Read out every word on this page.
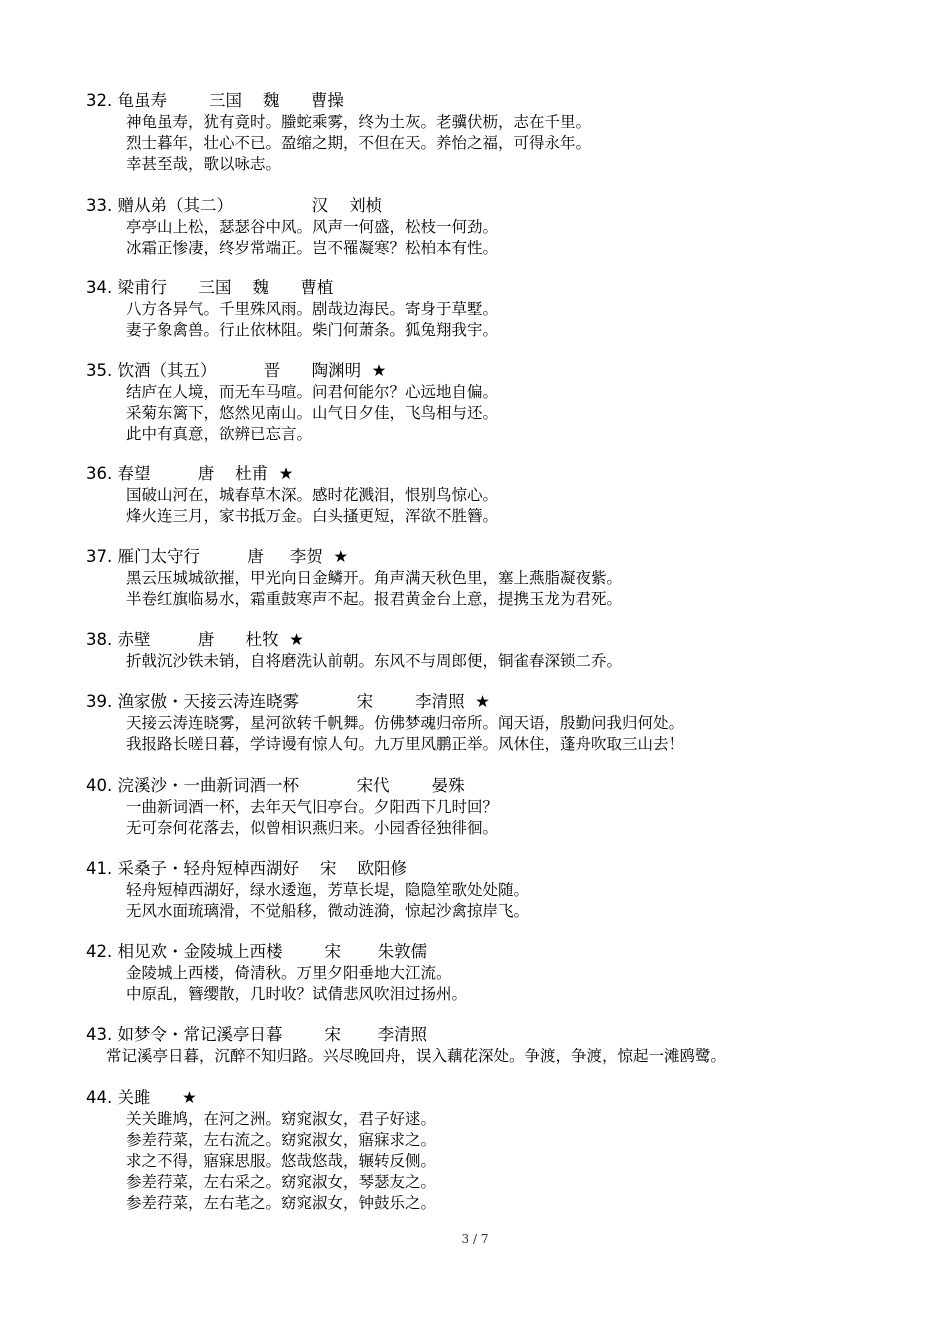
32. 龟虽寿        三国    魏      曹操
神龟虽寿，犹有竟时。螣蛇乘雾，终为土灰。老骥伏枥，志在千里。
烈士暮年，壮心不已。盈缩之期，不但在天。养怡之福，可得永年。
幸甚至哉，歌以咏志。
33. 赠从弟（其二）               汉    刘桢
亭亭山上松，瑟瑟谷中风。风声一何盛，松枝一何劲。
冰霜正惨凄，终岁常端正。岂不罹凝寒？松柏本有性。
34. 梁甫行      三国    魏      曹植
八方各异气。千里殊风雨。剧哉边海民。寄身于草墅。
妻子象禽兽。行止依林阻。柴门何萧条。狐兔翔我宇。
35. 饮酒（其五）         晋      陶渊明  ★
结庐在人境，而无车马喧。问君何能尔？心远地自偏。
采菊东篱下，悠然见南山。山气日夕佳，飞鸟相与还。
此中有真意，欲辨已忘言。
36. 春望         唐    杜甫  ★
国破山河在，城春草木深。感时花溅泪，恨别鸟惊心。
烽火连三月，家书抵万金。白头搔更短，浑欲不胜簪。
37. 雁门太守行         唐     李贺  ★
黑云压城城欲摧，甲光向日金鳞开。角声满天秋色里，塞上燕脂凝夜紫。
半卷红旗临易水，霜重鼓寒声不起。报君黄金台上意，提携玉龙为君死。
38. 赤壁         唐      杜牧  ★
折戟沉沙铁未销，自将磨洗认前朝。东风不与周郎便，铜雀春深锁二乔。
39. 渔家傲・天接云涛连晓雾           宋        李清照  ★
天接云涛连晓雾，星河欲转千帆舞。仿佛梦魂归帝所。闻天语，殷勤问我归何处。
我报路长嗟日暮，学诗谩有惊人句。九万里风鹏正举。风休住，蓬舟吹取三山去！
40. 浣溪沙・一曲新词酒一杯           宋代        晏殊
一曲新词酒一杯，去年天气旧亭台。夕阳西下几时回？
无可奈何花落去，似曾相识燕归来。小园香径独徘徊。
41. 采桑子・轻舟短棹西湖好    宋    欧阳修
轻舟短棹西湖好，绿水逶迤，芳草长堤，隐隐笙歌处处随。
无风水面琉璃滑，不觉船移，微动涟漪，惊起沙禽掠岸飞。
42. 相见欢・金陵城上西楼        宋       朱敦儒
金陵城上西楼，倚清秋。万里夕阳垂地大江流。
中原乱，簪缨散，几时收？试倩悲风吹泪过扬州。
43. 如梦令・常记溪亭日暮        宋       李清照
常记溪亭日暮，沉醉不知归路。兴尽晚回舟，误入藕花深处。争渡，争渡，惊起一滩鸥鹭。
44. 关雎      ★
关关雎鸠，在河之洲。窈窕淑女，君子好逑。
参差荇菜，左右流之。窈窕淑女，寤寐求之。
求之不得，寤寐思服。悠哉悠哉，辗转反侧。
参差荇菜，左右采之。窈窕淑女，琴瑟友之。
参差荇菜，左右芼之。窈窕淑女，钟鼓乐之。
3 / 7
